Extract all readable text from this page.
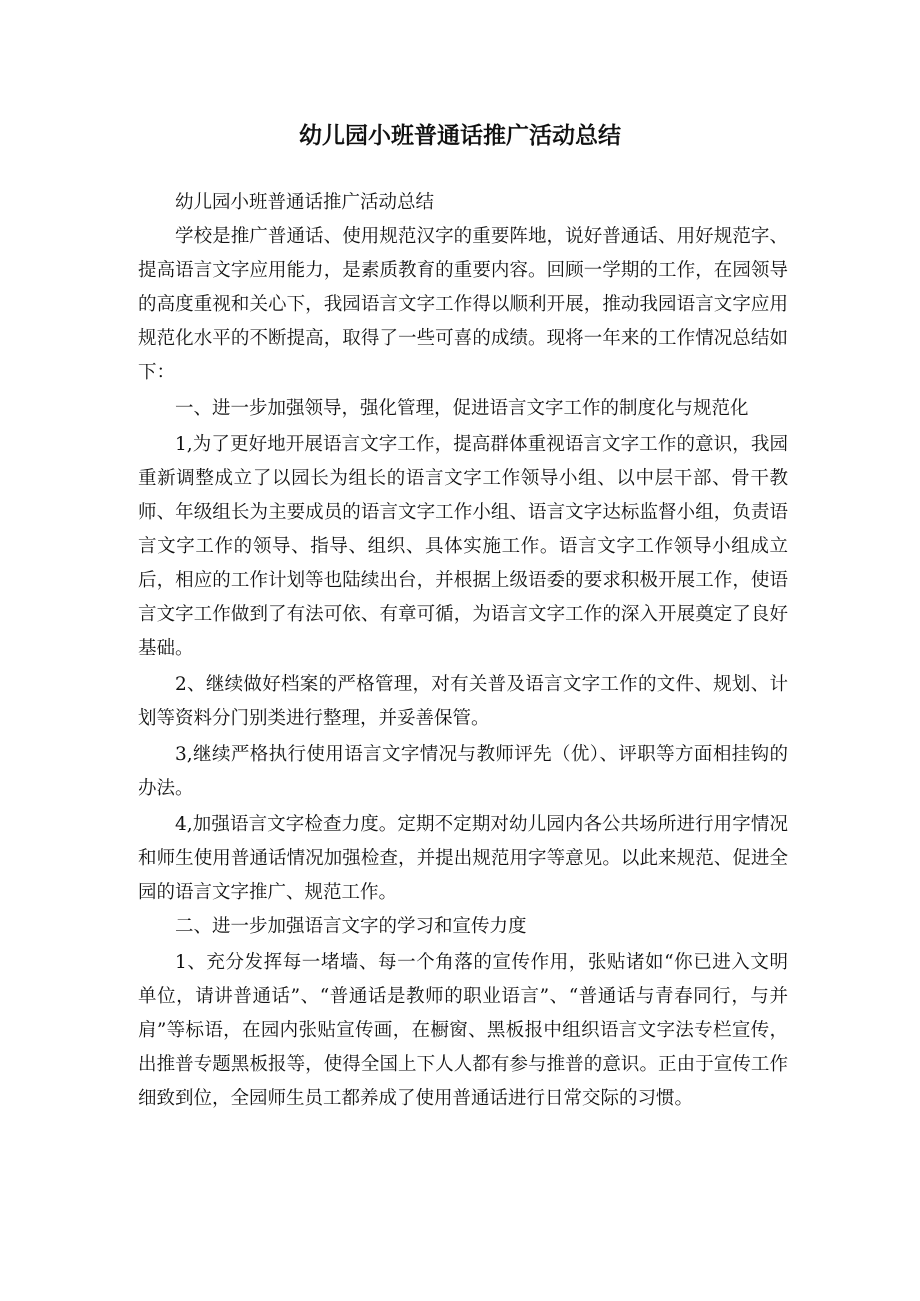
幼儿园小班普通话推广活动总结

幼儿园小班普通话推广活动总结

学校是推广普通话、使用规范汉字的重要阵地，说好普通话、用好规范字、提高语言文字应用能力，是素质教育的重要内容。回顾一学期的工作，在园领导的高度重视和关心下，我园语言文字工作得以顺利开展，推动我园语言文字应用规范化水平的不断提高，取得了一些可喜的成绩。现将一年来的工作情况总结如下：

一、进一步加强领导，强化管理，促进语言文字工作的制度化与规范化

1,为了更好地开展语言文字工作，提高群体重视语言文字工作的意识，我园重新调整成立了以园长为组长的语言文字工作领导小组、以中层干部、骨干教师、年级组长为主要成员的语言文字工作小组、语言文字达标监督小组，负责语言文字工作的领导、指导、组织、具体实施工作。语言文字工作领导小组成立后，相应的工作计划等也陆续出台，并根据上级语委的要求积极开展工作，使语言文字工作做到了有法可依、有章可循，为语言文字工作的深入开展奠定了良好基础。

2、继续做好档案的严格管理，对有关普及语言文字工作的文件、规划、计划等资料分门别类进行整理，并妥善保管。

3,继续严格执行使用语言文字情况与教师评先（优）、评职等方面相挂钩的办法。

4,加强语言文字检查力度。定期不定期对幼儿园内各公共场所进行用字情况和师生使用普通话情况加强检查，并提出规范用字等意见。以此来规范、促进全园的语言文字推广、规范工作。

二、进一步加强语言文字的学习和宣传力度

1、充分发挥每一堵墙、每一个角落的宣传作用，张贴诸如“你已进入文明单位，请讲普通话”、“普通话是教师的职业语言”、“普通话与青春同行，与并肩”等标语，在园内张贴宣传画，在橱窗、黑板报中组织语言文字法专栏宣传，出推普专题黑板报等，使得全国上下人人都有参与推普的意识。正由于宣传工作细致到位，全园师生员工都养成了使用普通话进行日常交际的习惯。
